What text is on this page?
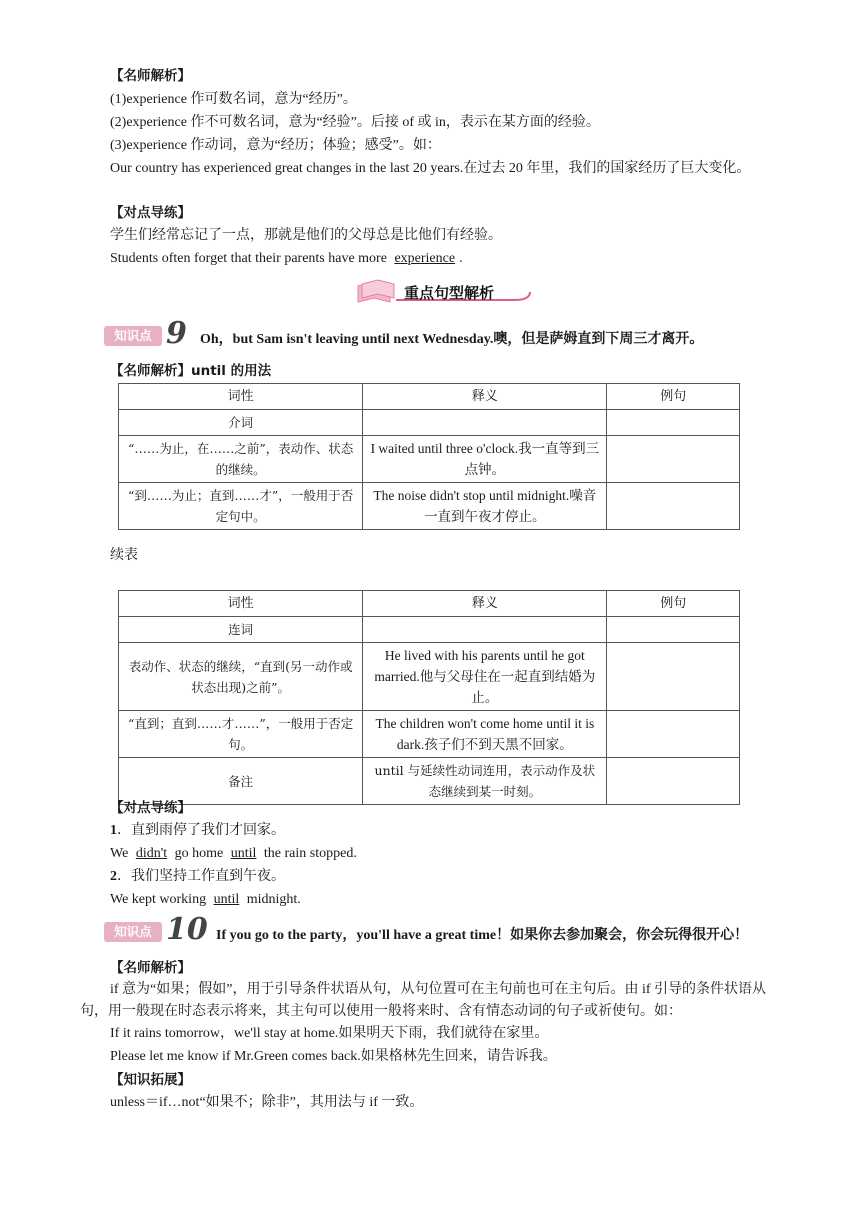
【名师解析】
(1)experience 作可数名词，意为“经历”。
(2)experience 作不可数名词，意为“经验”。后接 of 或 in，表示在某方面的经验。
(3)experience 作动词，意为“经历；体验；感受”。如：
Our country has experienced great changes in the last 20 years.在过去 20 年里，我们的国家经历了巨大变化。
【对点导练】
学生们经常忘记了一点，那就是他们的父母总是比他们有经验。
Students often forget that their parents have more experience .
重点句型解析
知识点 9 Oh，but Sam isn't leaving until next Wednesday.噢，但是萨姆直到下周三才离开。
【名师解析】until 的用法
词性	释义	例句
介词		
“……为止，在……之前”，表动作、状态的继续。	I waited until three o'clock.我一直等到三点钟。	
“到……为止；直到……才”，一般用于否定句中。	The noise didn't stop until midnight.噪音一直到午夜才停止。	
续表
词性	释义	例句
连词		
表动作、状态的继续，“直到(另一动作或状态出现)之前”。	He lived with his parents until he got married.他与父母住在一起直到结婚为止。	
“直到；直到……才……”，一般用于否定句。	The children won't come home until it is dark.孩子们不到天黑不回家。	
备注	until 与延续性动词连用，表示动作及状态继续到某一时刻。	
【对点导练】
1．直到雨停了我们才回家。
We didn't go home until the rain stopped.
2．我们坚持工作直到午夜。
We kept working until midnight.
知识点 10 If you go to the party，you'll have a great time！如果你去参加聚会，你会玩得很开心！
【名师解析】
if 意为“如果；假如”，用于引导条件状语从句，从句位置可在主句前也可在主句后。由 if 引导的条件状语从句，用一般现在时态表示将来，其主句可以使用一般将来时、含有情态动词的句子或祈使句。如：
If it rains tomorrow，we'll stay at home.如果明天下雨，我们就待在家里。
Please let me know if Mr.Green comes back.如果格林先生回来，请告诉我。
【知识拓展】
unless＝if…not“如果不；除非”，其用法与 if 一致。
